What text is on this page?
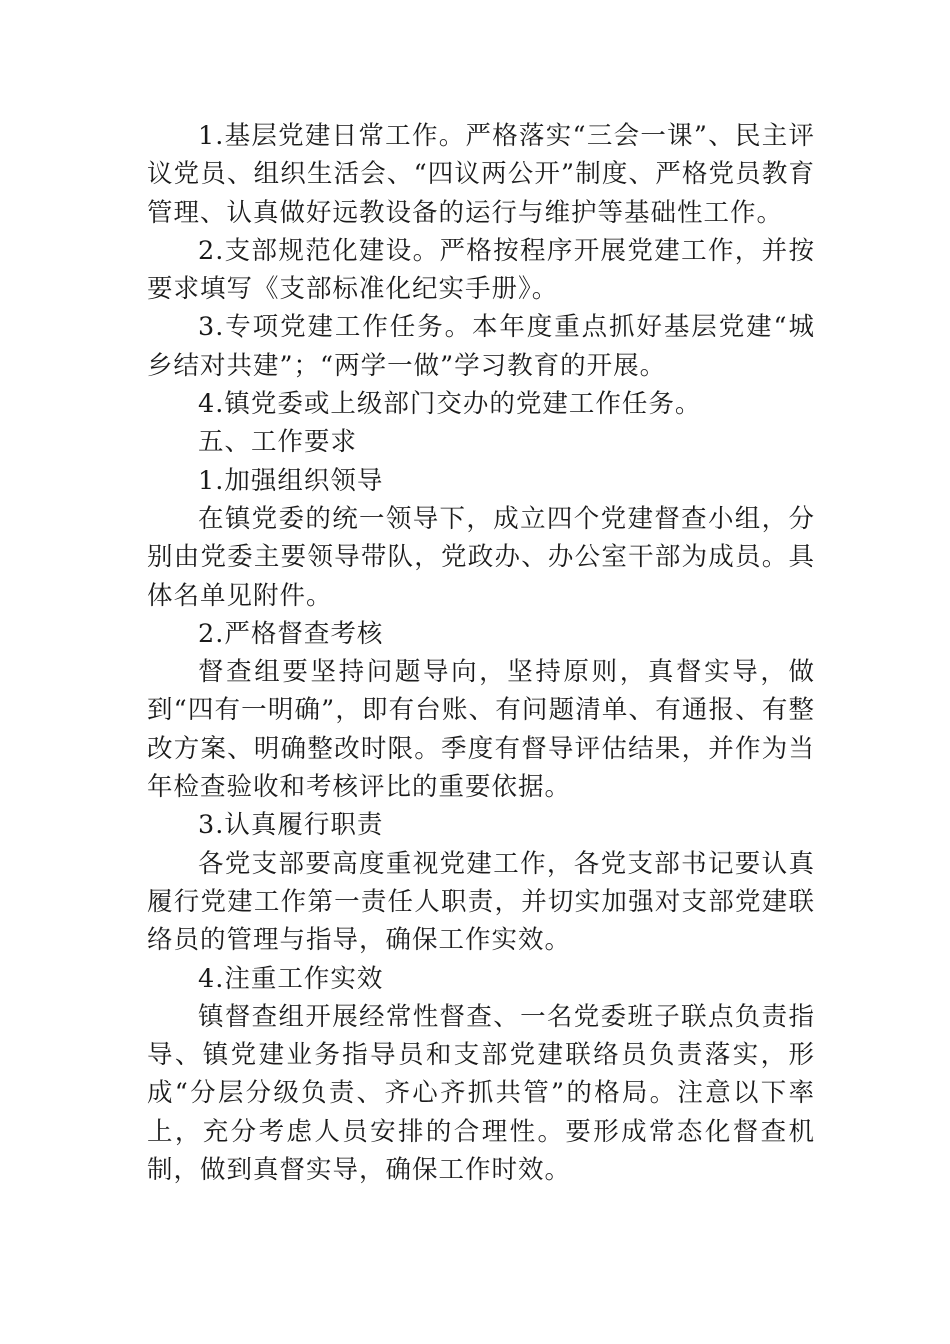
1.基层党建日常工作。严格落实“三会一课”、民主评议党员、组织生活会、“四议两公开”制度、严格党员教育管理、认真做好远教设备的运行与维护等基础性工作。

2.支部规范化建设。严格按程序开展党建工作，并按要求填写《支部标准化纪实手册》。

3.专项党建工作任务。本年度重点抓好基层党建“城乡结对共建”；“两学一做”学习教育的开展。

4.镇党委或上级部门交办的党建工作任务。

五、工作要求

1.加强组织领导

在镇党委的统一领导下，成立四个党建督查小组，分别由党委主要领导带队，党政办、办公室干部为成员。具体名单见附件。

2.严格督查考核

督查组要坚持问题导向，坚持原则，真督实导，做到“四有一明确”，即有台账、有问题清单、有通报、有整改方案、明确整改时限。季度有督导评估结果，并作为当年检查验收和考核评比的重要依据。

3.认真履行职责

各党支部要高度重视党建工作，各党支部书记要认真履行党建工作第一责任人职责，并切实加强对支部党建联络员的管理与指导，确保工作实效。

4.注重工作实效

镇督查组开展经常性督查、一名党委班子联点负责指导、镇党建业务指导员和支部党建联络员负责落实，形成“分层分级负责、齐心齐抓共管”的格局。注意以下率上，充分考虑人员安排的合理性。要形成常态化督查机制，做到真督实导，确保工作时效。
